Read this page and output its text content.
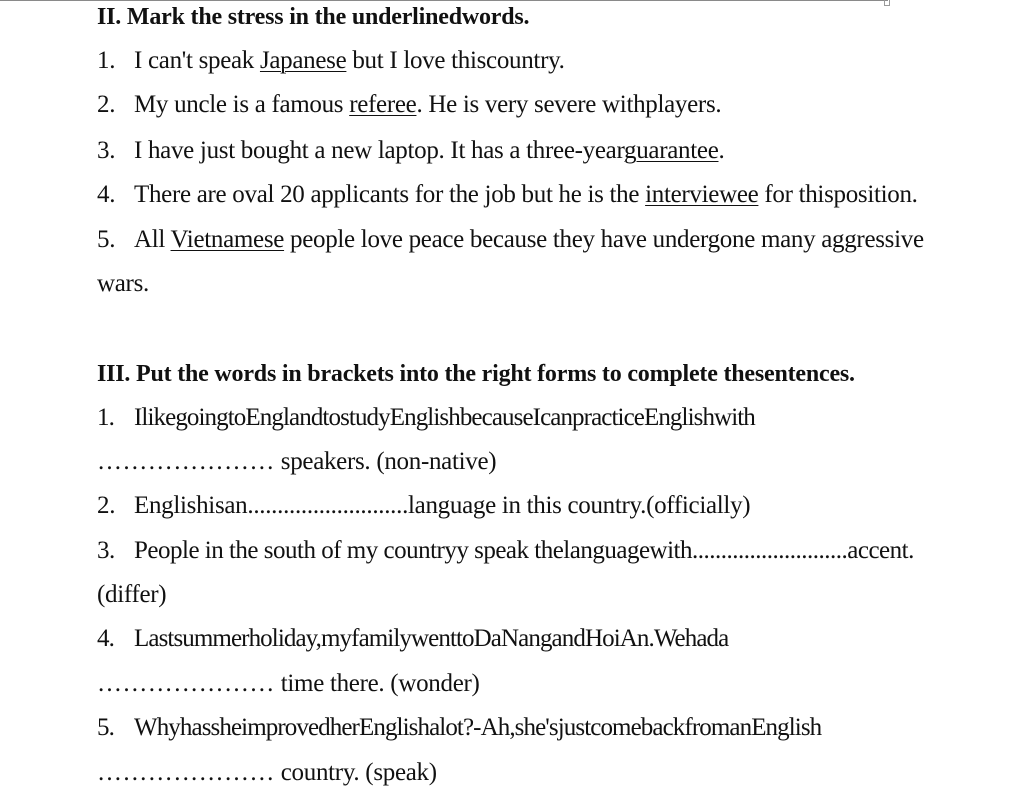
II. Mark the stress in the underlinedwords.
1. I can't speak Japanese but I love thiscountry.
2. My uncle is a famous referee. He is very severe withplayers.
3. I have just bought a new laptop. It has a three-yearguarantee.
4. There are oval 20 applicants for the job but he is the interviewee for thisposition.
5. All Vietnamese people love peace because they have undergone many aggressive
wars.
III. Put the words in brackets into the right forms to complete thesentences.
1. IlikegoingtoEnglandtostudyEnglishbecauseIcanpracticeEnglishwith
………………… speakers. (non-native)
2. Englishisan...........................language in this country.(officially)
3. People in the south of my countryy speak thelanguagewith...........................accent.
(differ)
4. Lastsummerholiday,myfamilywenttoDaNangandHoiAn.Wehada
………………… time there. (wonder)
5. WhyhassheimprovedherEnglishalot?-Ah,she'sjustcomebackfromanEnglish
………………… country. (speak)
